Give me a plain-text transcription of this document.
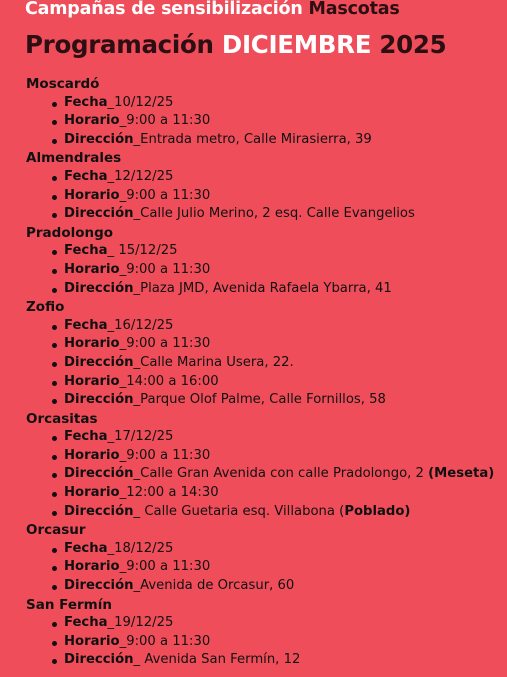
Campañas de sensibilización Mascotas
Programación DICIEMBRE 2025
Moscardó
Fecha_10/12/25
Horario_9:00 a 11:30
Dirección_Entrada metro, Calle Mirasierra, 39
Almendrales
Fecha_12/12/25
Horario_9:00 a 11:30
Dirección_Calle Julio Merino, 2 esq. Calle Evangelios
Pradolongo
Fecha_ 15/12/25
Horario_9:00 a 11:30
Dirección_Plaza JMD, Avenida Rafaela Ybarra, 41
Zofio
Fecha_16/12/25
Horario_9:00 a 11:30
Dirección_Calle Marina Usera, 22.
Horario_14:00 a 16:00
Dirección_Parque Olof Palme, Calle Fornillos, 58
Orcasitas
Fecha_17/12/25
Horario_9:00 a 11:30
Dirección_Calle Gran Avenida con calle Pradolongo, 2 (Meseta)
Horario_12:00 a 14:30
Dirección_ Calle Guetaria esq. Villabona (Poblado)
Orcasur
Fecha_18/12/25
Horario_9:00 a 11:30
Dirección_Avenida de Orcasur, 60
San Fermín
Fecha_19/12/25
Horario_9:00 a 11:30
Dirección_ Avenida San Fermín, 12
